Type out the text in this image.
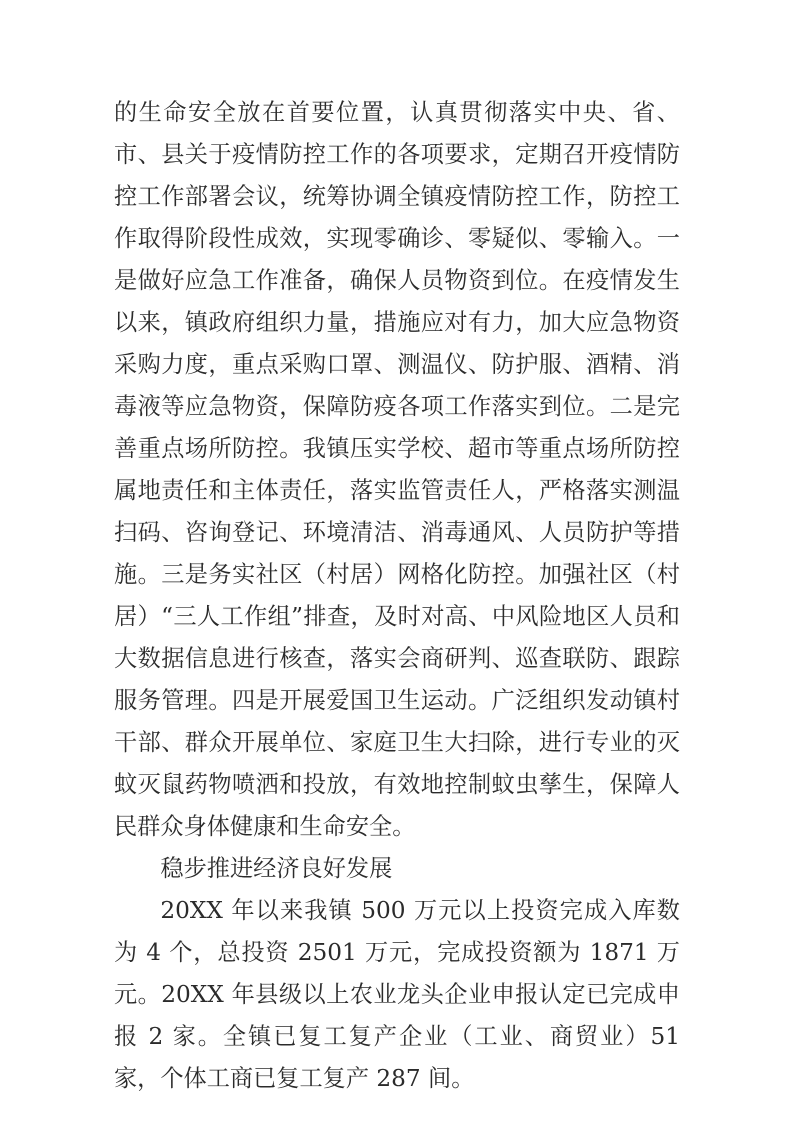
的生命安全放在首要位置，认真贯彻落实中央、省、市、县关于疫情防控工作的各项要求，定期召开疫情防控工作部署会议，统筹协调全镇疫情防控工作，防控工作取得阶段性成效，实现零确诊、零疑似、零输入。一是做好应急工作准备，确保人员物资到位。在疫情发生以来，镇政府组织力量，措施应对有力，加大应急物资采购力度，重点采购口罩、测温仪、防护服、酒精、消毒液等应急物资，保障防疫各项工作落实到位。二是完善重点场所防控。我镇压实学校、超市等重点场所防控属地责任和主体责任，落实监管责任人，严格落实测温扫码、咨询登记、环境清洁、消毒通风、人员防护等措施。三是务实社区（村居）网格化防控。加强社区（村居）“三人工作组”排查，及时对高、中风险地区人员和大数据信息进行核查，落实会商研判、巡查联防、跟踪服务管理。四是开展爱国卫生运动。广泛组织发动镇村干部、群众开展单位、家庭卫生大扫除，进行专业的灭蚊灭鼠药物喷洒和投放，有效地控制蚊虫孳生，保障人民群众身体健康和生命安全。

稳步推进经济良好发展

20XX 年以来我镇 500 万元以上投资完成入库数为 4 个，总投资 2501 万元，完成投资额为 1871 万元。20XX 年县级以上农业龙头企业申报认定已完成申报 2 家。全镇已复工复产企业（工业、商贸业）51 家，个体工商已复工复产 287 间。
